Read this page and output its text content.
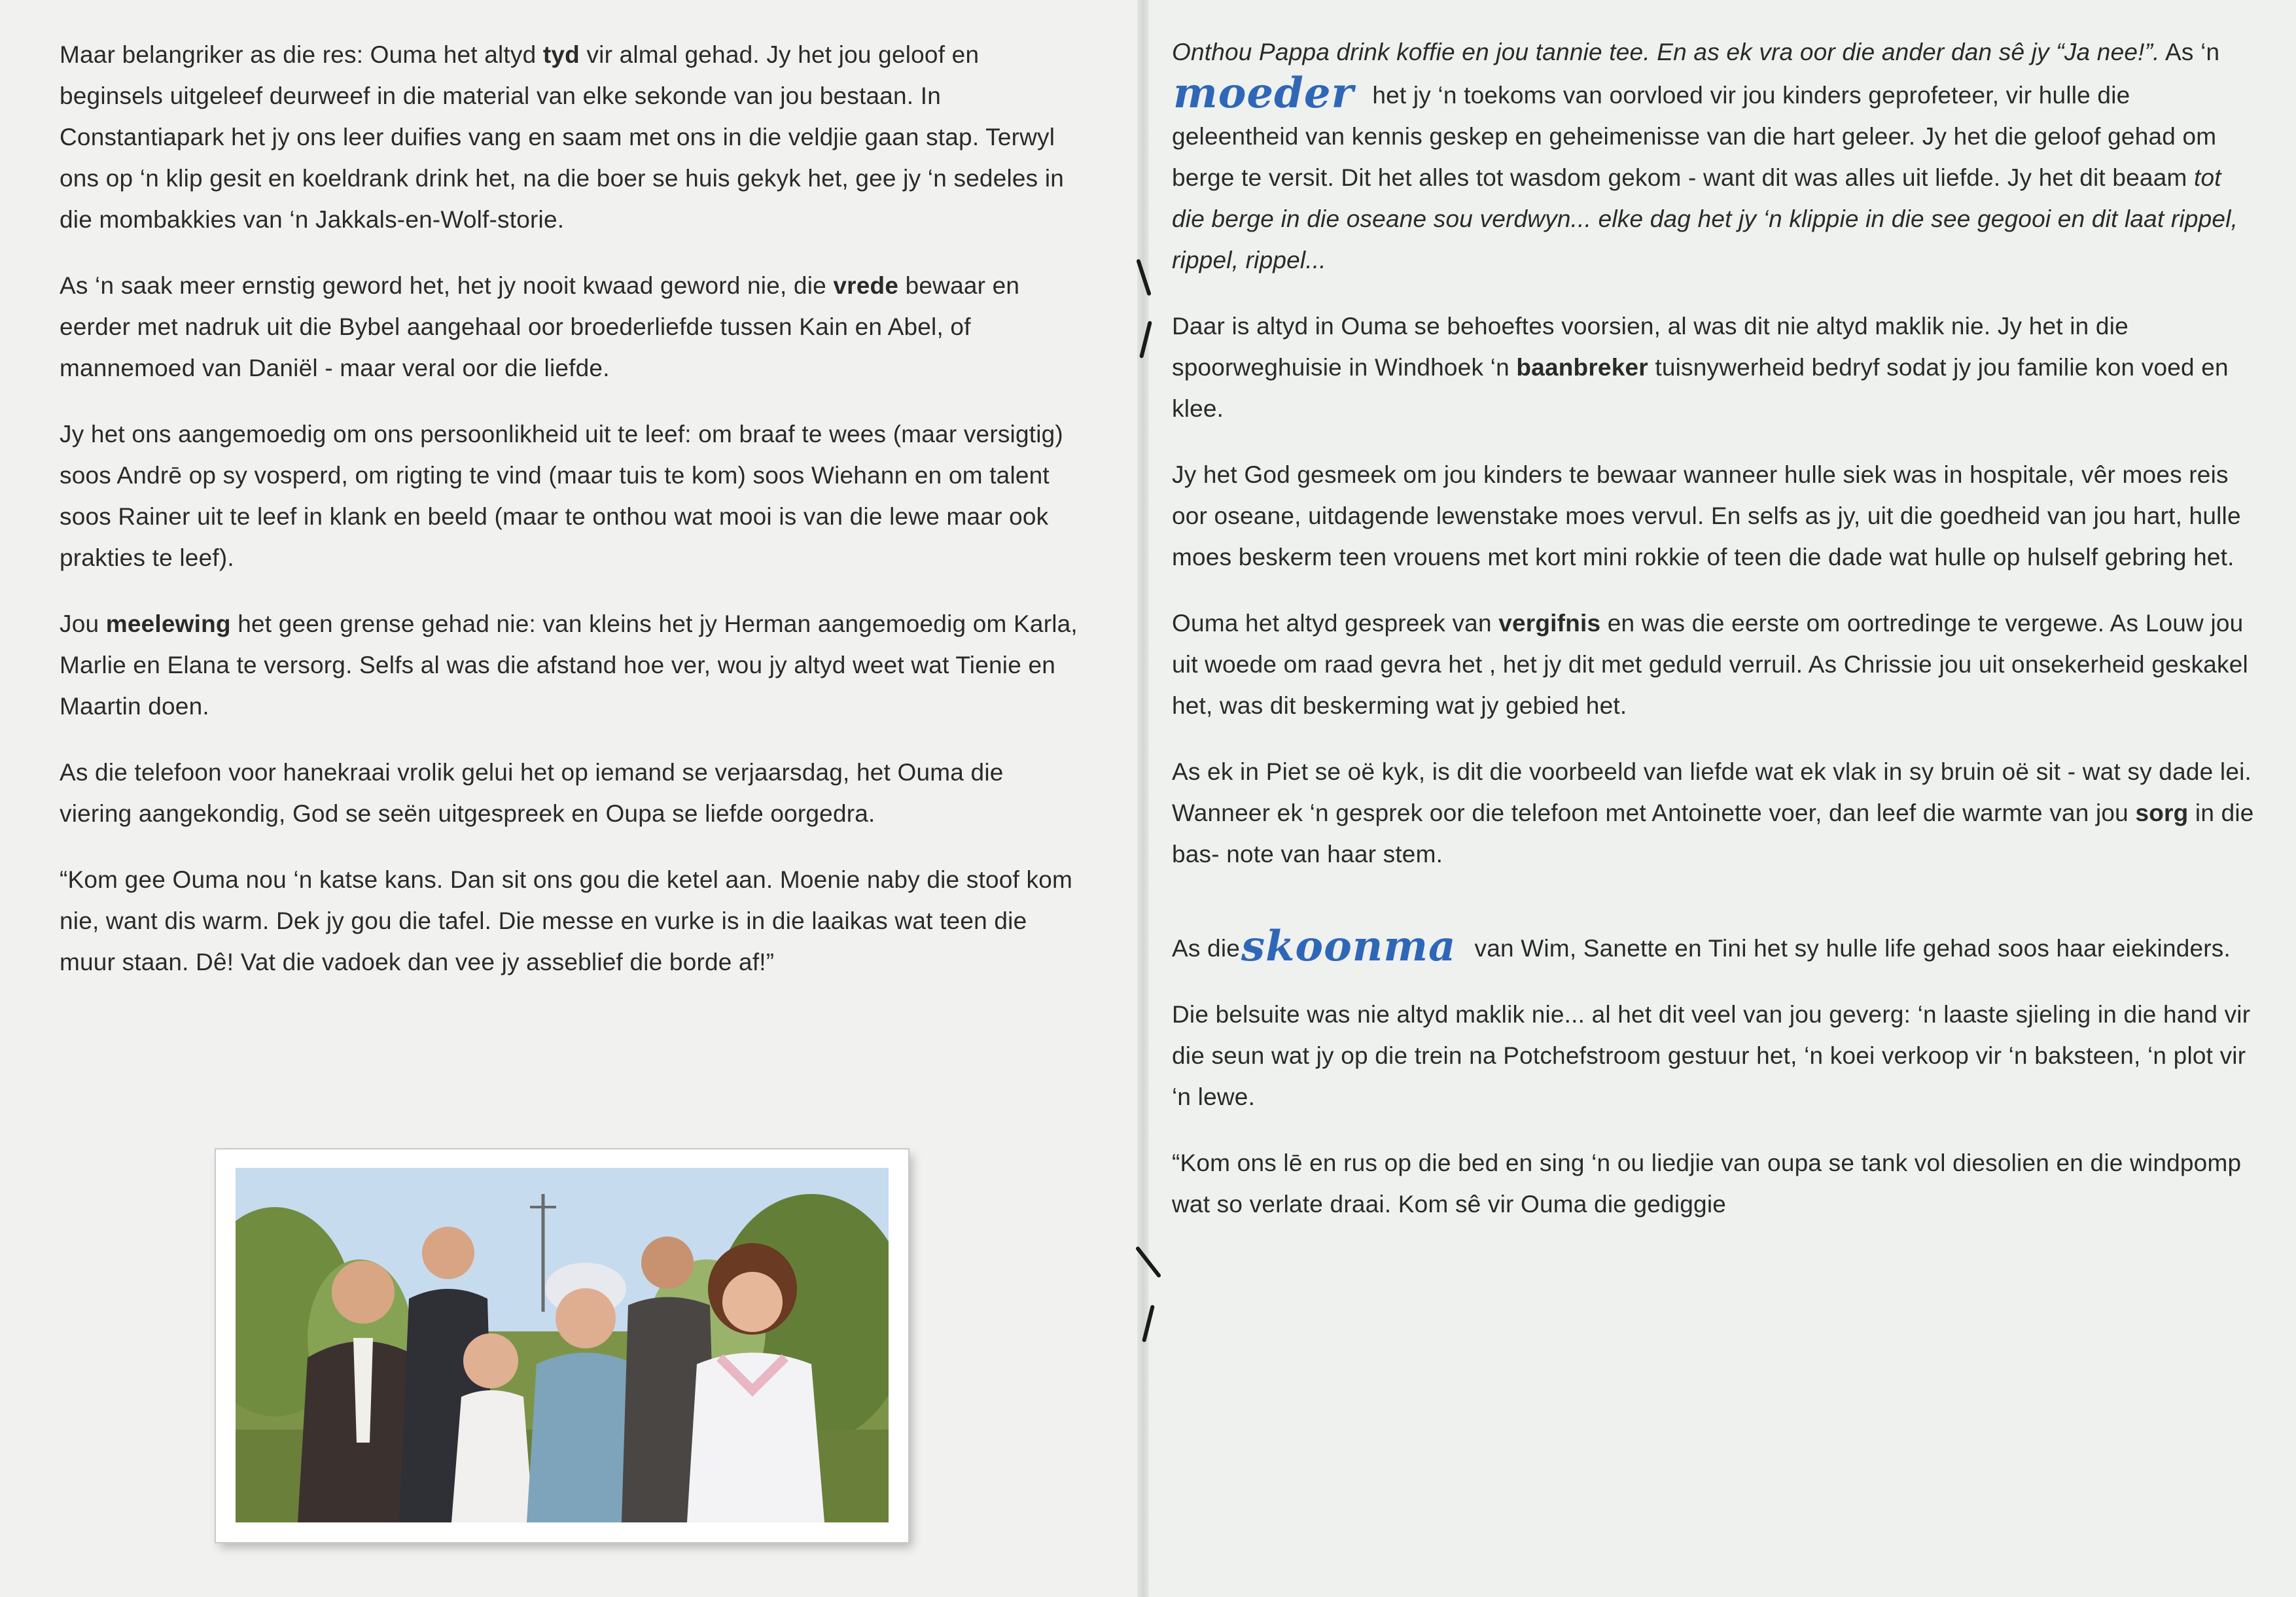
Maar belangriker as die res: Ouma het altyd tyd vir almal gehad. Jy het jou geloof en beginsels uitgeleef deurweef in die material van elke sekonde van jou bestaan. In Constantiapark het jy ons leer duifies vang en saam met ons in die veldjie gaan stap. Terwyl ons op ‘n klip gesit en koeldrank drink het, na die boer se huis gekyk het, gee jy ‘n sedeles in die mombakkies van ‘n Jakkals-en-Wolf-storie.

As ‘n saak meer ernstig geword het, het jy nooit kwaad geword nie, die vrede bewaar en eerder met nadruk uit die Bybel aangehaal oor broederliefde tussen Kain en Abel, of mannemoed van Daniël - maar veral oor die liefde.

Jy het ons aangemoedig om ons persoonlikheid uit te leef: om braaf te wees (maar versigtig) soos Andrē op sy vosperd, om rigting te vind (maar tuis te kom) soos Wiehann en om talent soos Rainer uit te leef in klank en beeld (maar te onthou wat mooi is van die lewe maar ook prakties te leef).

Jou meelewing het geen grense gehad nie: van kleins het jy Herman aangemoedig om Karla, Marlie en Elana te versorg. Selfs al was die afstand hoe ver, wou jy altyd weet wat Tienie en Maartin doen.

As die telefoon voor hanekraai vrolik gelui het op iemand se verjaarsdag, het Ouma die viering aangekondig, God se seën uitgespreek en Oupa se liefde oorgedra.

“Kom gee Ouma nou ‘n katse kans. Dan sit ons gou die ketel aan. Moenie naby die stoof kom nie, want dis warm. Dek jy gou die tafel. Die messe en vurke is in die laaikas wat teen die muur staan. Dê! Vat die vadoek dan vee jy asseblief die borde af!”

Onthou Pappa drink koffie en jou tannie tee. En as ek vra oor die ander dan sê jy “Ja nee!”. As ‘nmoeder het jy ‘n toekoms van oorvloed vir jou kinders geprofeteer, vir hulle die geleentheid van kennis geskep en geheimenisse van die hart geleer. Jy het die geloof gehad om berge te versit. Dit het alles tot wasdom gekom - want dit was alles uit liefde. Jy het dit beaam tot die berge in die oseane sou verdwyn... elke dag het jy ‘n klippie in die see gegooi en dit laat rippel, rippel, rippel...

Daar is altyd in Ouma se behoeftes voorsien, al was dit nie altyd maklik nie. Jy het in die spoorweghuisie in Windhoek ‘n baanbreker tuisnywerheid bedryf sodat jy jou familie kon voed en klee.

Jy het God gesmeek om jou kinders te bewaar wanneer hulle siek was in hospitale, vêr moes reis oor oseane, uitdagende lewenstake moes vervul. En selfs as jy, uit die goedheid van jou hart, hulle moes beskerm teen vrouens met kort mini rokkie of teen die dade wat hulle op hulself gebring het.

Ouma het altyd gespreek van vergifnis en was die eerste om oortredinge te vergewe. As Louw jou uit woede om raad gevra het , het jy dit met geduld verruil. As Chrissie jou uit onsekerheid geskakel het, was dit beskerming wat jy gebied het.

As ek in Piet se oë kyk, is dit die voorbeeld van liefde wat ek vlak in sy bruin oë sit - wat sy dade lei. Wanneer ek ‘n gesprek oor die telefoon met Antoinette voer, dan leef die warmte van jou sorg in die bas- note van haar stem.

As dieskoonma van Wim, Sanette en Tini het sy hulle life gehad soos haar eiekinders.

Die belsuite was nie altyd maklik nie... al het dit veel van jou geverg: ‘n laaste sjieling in die hand vir die seun wat jy op die trein na Potchefstroom gestuur het, ‘n koei verkoop vir ‘n baksteen, ‘n plot vir ‘n lewe.

“Kom ons lē en rus op die bed en sing ‘n ou liedjie van oupa se tank vol diesolien en die windpomp wat so verlate draai. Kom sê vir Ouma die gediggie
